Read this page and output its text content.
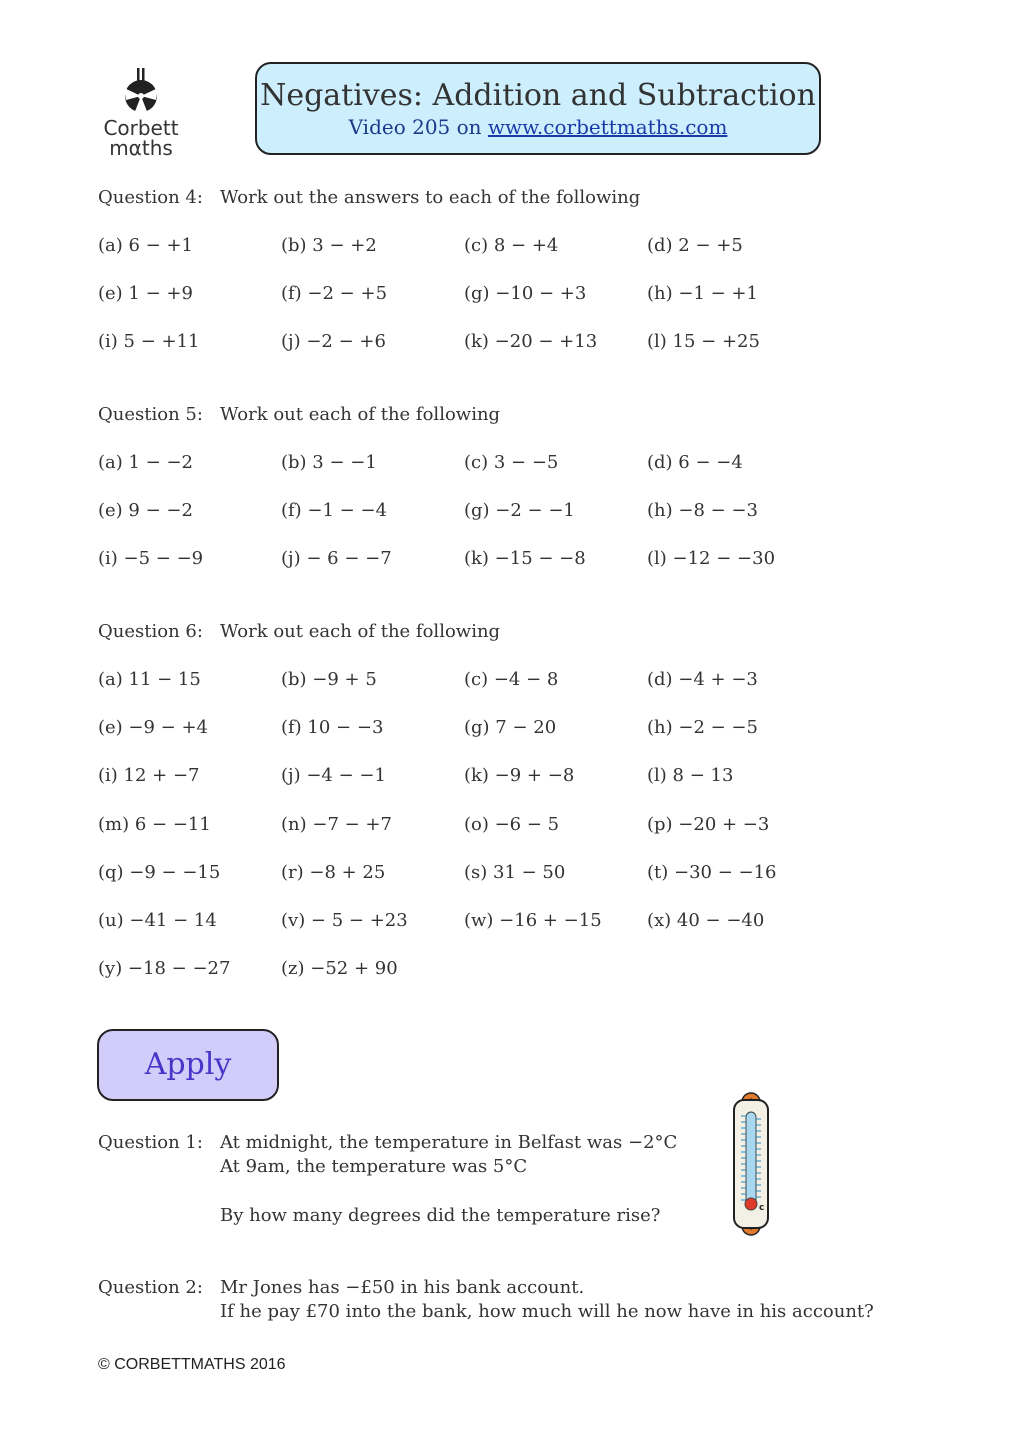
Corbett
mαths
Negatives: Addition and Subtraction
Video 205 on www.corbettmaths.com
Question 4: Work out the answers to each of the following
(a) 6 − +1	(b) 3 − +2	(c) 8 − +4	(d) 2 − +5
(e) 1 − +9	(f) −2 − +5	(g) −10 − +3	(h) −1 − +1
(i) 5 − +11	(j) −2 − +6	(k) −20 − +13	(l) 15 − +25
Question 5: Work out each of the following
(a) 1 − −2	(b) 3 − −1	(c) 3 − −5	(d) 6 − −4
(e) 9 − −2	(f) −1 − −4	(g) −2 − −1	(h) −8 − −3
(i) −5 − −9	(j) − 6 − −7	(k) −15 − −8	(l) −12 − −30
Question 6: Work out each of the following
(a) 11 − 15	(b) −9 + 5	(c) −4 − 8	(d) −4 + −3
(e) −9 − +4	(f) 10 − −3	(g) 7 − 20	(h) −2 − −5
(i) 12 + −7	(j) −4 − −1	(k) −9 + −8	(l) 8 − 13
(m) 6 − −11	(n) −7 − +7	(o) −6 − 5	(p) −20 + −3
(q) −9 − −15	(r) −8 + 25	(s) 31 − 50	(t) −30 − −16
(u) −41 − 14	(v) − 5 − +23	(w) −16 + −15	(x) 40 − −40
(y) −18 − −27	(z) −52 + 90
Apply
Question 1: At midnight, the temperature in Belfast was −2°C
At 9am, the temperature was 5°C
By how many degrees did the temperature rise?	c
Question 2: Mr Jones has −£50 in his bank account.
If he pay £70 into the bank, how much will he now have in his account?
© CORBETTMATHS 2016
